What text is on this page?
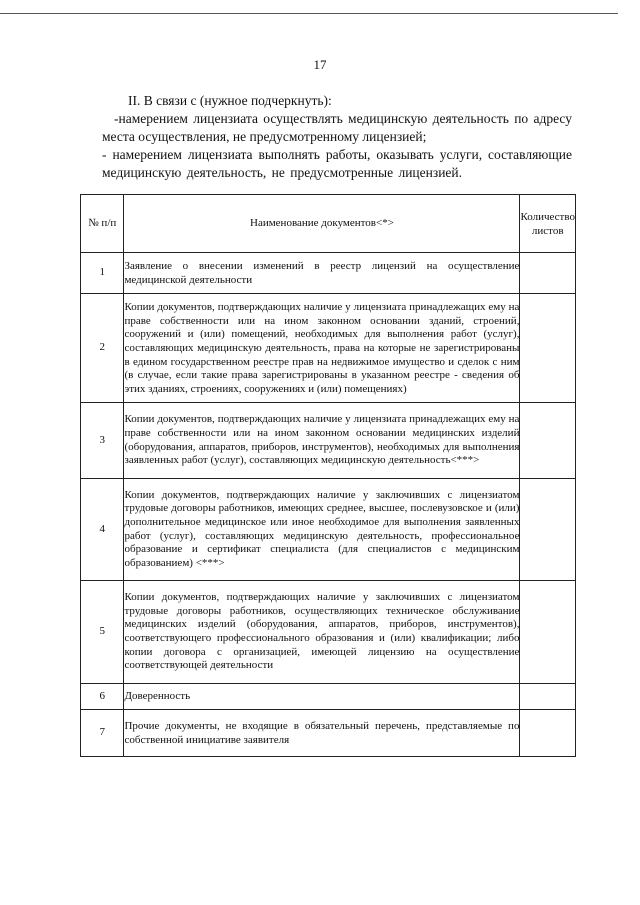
17

II. В связи с (нужное подчеркнуть):

-намерением лицензиата осуществлять медицинскую деятельность по адресу места осуществления, не предусмотренному лицензией;

- намерением лицензиата выполнять работы, оказывать услуги, составляющие медицинскую деятельность, не предусмотренные лицензией.

№ п/п	Наименование документов<*>	Количество листов
1	Заявление о внесении изменений в реестр лицензий на осуществление медицинской деятельности	
2	Копии документов, подтверждающих наличие у лицензиата принадлежащих ему на праве собственности или на ином законном основании зданий, строений, сооружений и (или) помещений, необходимых для выполнения работ (услуг), составляющих медицинскую деятельность, права на которые не зарегистрированы в едином государственном реестре прав на недвижимое имущество и сделок с ним (в случае, если такие права зарегистрированы в указанном реестре - сведения об этих зданиях, строениях, сооружениях и (или) помещениях)	
3	Копии документов, подтверждающих наличие у лицензиата принадлежащих ему на праве собственности или на ином законном основании медицинских изделий (оборудования, аппаратов, приборов, инструментов), необходимых для выполнения заявленных работ (услуг), составляющих медицинскую деятельность<***>	
4	Копии документов, подтверждающих наличие у заключивших с лицензиатом трудовые договоры работников, имеющих среднее, высшее, послевузовское и (или) дополнительное медицинское или иное необходимое для выполнения заявленных работ (услуг), составляющих медицинскую деятельность, профессиональное образование и сертификат специалиста (для специалистов с медицинским образованием) <***>	
5	Копии документов, подтверждающих наличие у заключивших с лицензиатом трудовые договоры работников, осуществляющих техническое обслуживание медицинских изделий (оборудования, аппаратов, приборов, инструментов), соответствующего профессионального образования и (или) квалификации; либо копии договора с организацией, имеющей лицензию на осуществление соответствующей деятельности	
6	Доверенность	
7	Прочие документы, не входящие в обязательный перечень, представляемые по собственной инициативе заявителя	
